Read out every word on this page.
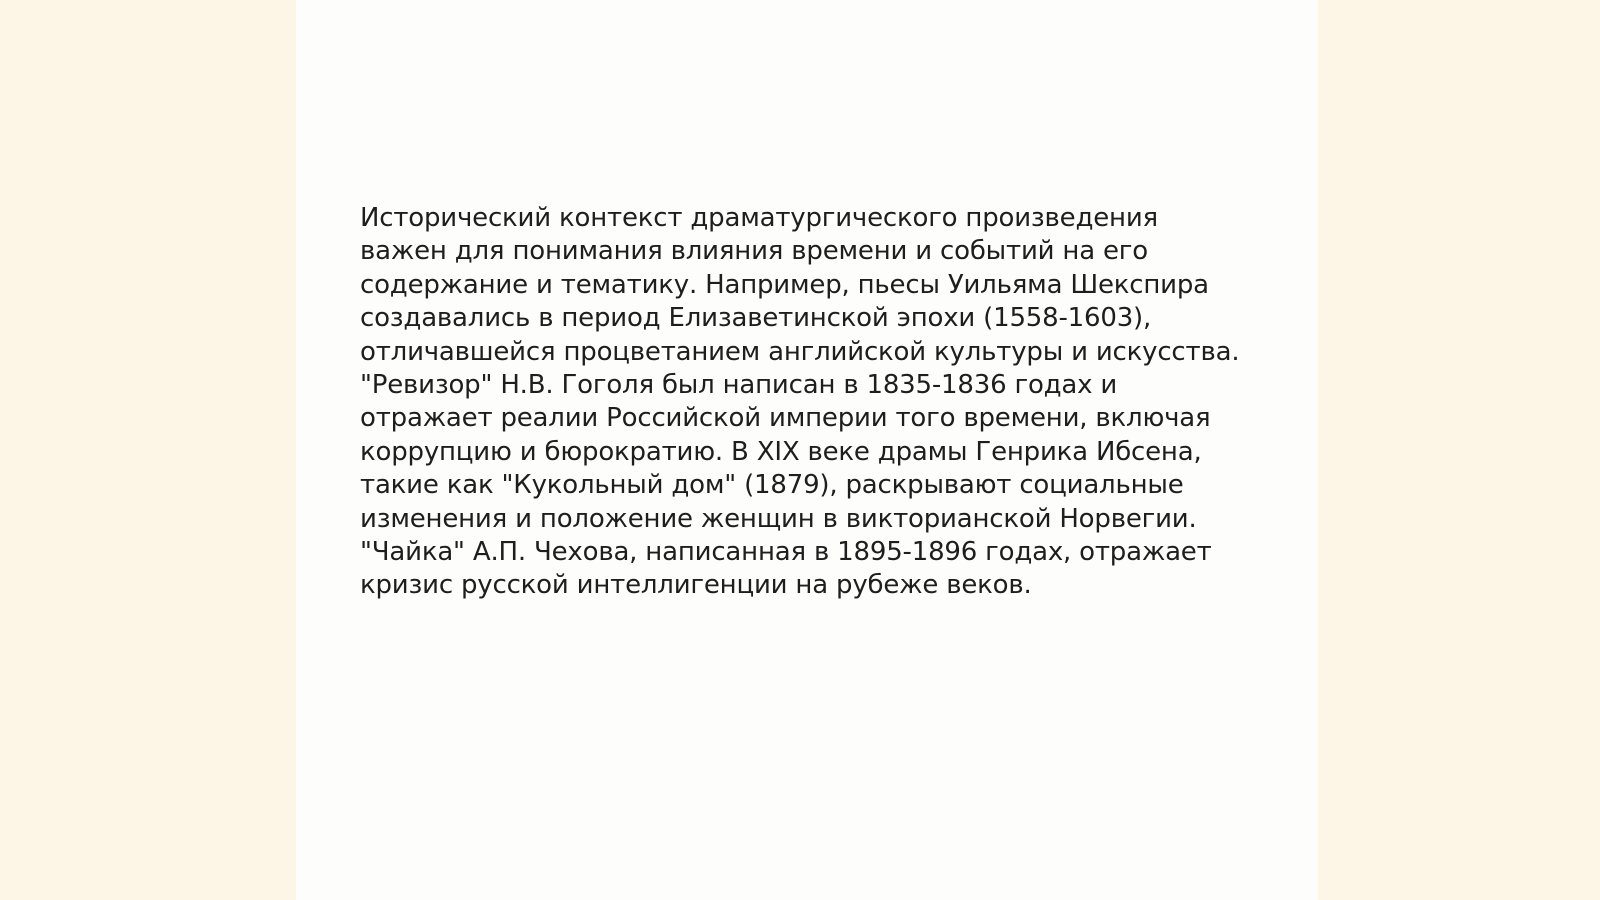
Исторический контекст драматургического произведения
важен для понимания влияния времени и событий на его
содержание и тематику. Например, пьесы Уильяма Шекспира
создавались в период Елизаветинской эпохи (1558-1603),
отличавшейся процветанием английской культуры и искусства.
"Ревизор" Н.В. Гоголя был написан в 1835-1836 годах и
отражает реалии Российской империи того времени, включая
коррупцию и бюрократию. В XIX веке драмы Генрика Ибсена,
такие как "Кукольный дом" (1879), раскрывают социальные
изменения и положение женщин в викторианской Норвегии.
"Чайка" А.П. Чехова, написанная в 1895-1896 годах, отражает
кризис русской интеллигенции на рубеже веков.
